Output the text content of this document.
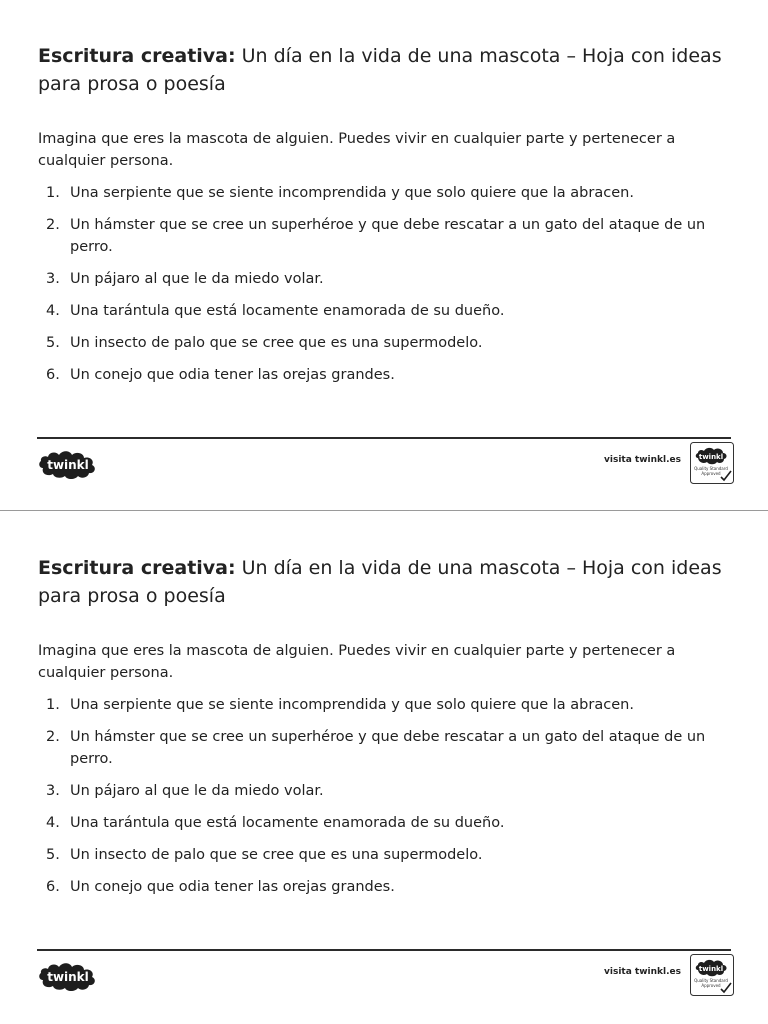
Escritura creativa: Un día en la vida de una mascota – Hoja con ideas para prosa o poesía

Imagina que eres la mascota de alguien. Puedes vivir en cualquier parte y pertenecer a cualquier persona.

1. Una serpiente que se siente incomprendida y que solo quiere que la abracen.
2. Un hámster que se cree un superhéroe y que debe rescatar a un gato del ataque de un perro.
3. Un pájaro al que le da miedo volar.
4. Una tarántula que está locamente enamorada de su dueño.
5. Un insecto de palo que se cree que es una supermodelo.
6. Un conejo que odia tener las orejas grandes.
twinkl	visita twinkl.es	twinkl
Quality Standard
Approved
Escritura creativa: Un día en la vida de una mascota – Hoja con ideas para prosa o poesía

Imagina que eres la mascota de alguien. Puedes vivir en cualquier parte y pertenecer a cualquier persona.

1. Una serpiente que se siente incomprendida y que solo quiere que la abracen.
2. Un hámster que se cree un superhéroe y que debe rescatar a un gato del ataque de un perro.
3. Un pájaro al que le da miedo volar.
4. Una tarántula que está locamente enamorada de su dueño.
5. Un insecto de palo que se cree que es una supermodelo.
6. Un conejo que odia tener las orejas grandes.
twinkl	visita twinkl.es	twinkl
Quality Standard
Approved
